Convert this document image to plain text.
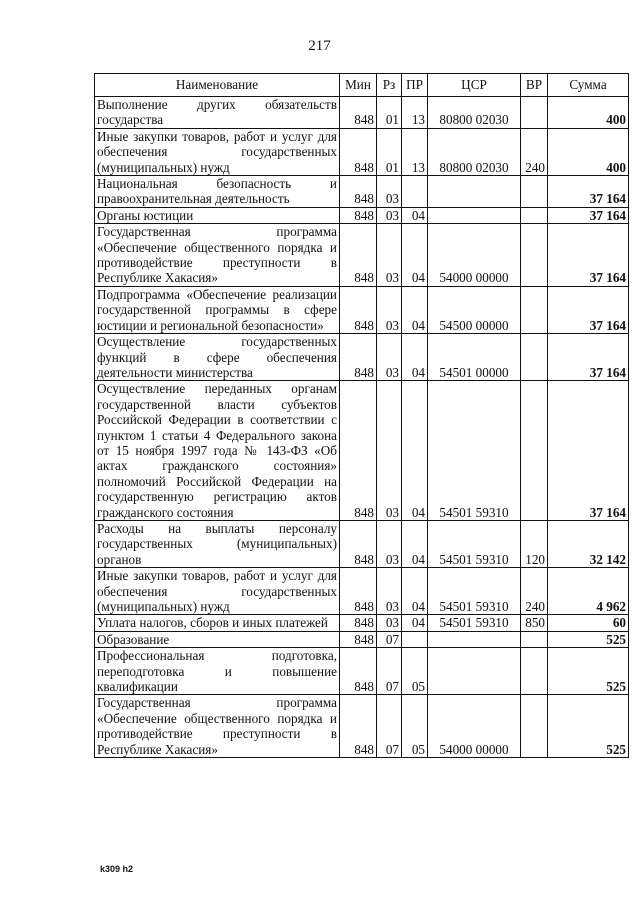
217
Наименование	Мин	Рз	ПР	ЦСР	ВР	Сумма
Выполнение других обязательств государства	848	01	13	80800 02030		400
Иные закупки товаров, работ и услуг для обеспечения государственных (муниципальных) нужд	848	01	13	80800 02030	240	400
Национальная безопасность и правоохранительная деятельность	848	03				37 164
Органы юстиции	848	03	04			37 164
Государственная программа «Обеспечение общественного порядка и противодействие преступности в Республике Хакасия»	848	03	04	54000 00000		37 164
Подпрограмма «Обеспечение реализации государственной программы в сфере юстиции и региональной безопасности»	848	03	04	54500 00000		37 164
Осуществление государственных функций в сфере обеспечения деятельности министерства	848	03	04	54501 00000		37 164
Осуществление переданных органам государственной власти субъектов Российской Федерации в соответствии с пунктом 1 статьи 4 Федерального закона от 15 ноября 1997 года № 143-ФЗ «Об актах гражданского состояния» полномочий Российской Федерации на государственную регистрацию актов гражданского состояния	848	03	04	54501 59310		37 164
Расходы на выплаты персоналу государственных (муниципальных) органов	848	03	04	54501 59310	120	32 142
Иные закупки товаров, работ и услуг для обеспечения государственных (муниципальных) нужд	848	03	04	54501 59310	240	4 962
Уплата налогов, сборов и иных платежей	848	03	04	54501 59310	850	60
Образование	848	07				525
Профессиональная подготовка, переподготовка и повышение квалификации	848	07	05			525
Государственная программа «Обеспечение общественного порядка и противодействие преступности в Республике Хакасия»	848	07	05	54000 00000		525
k309 h2
